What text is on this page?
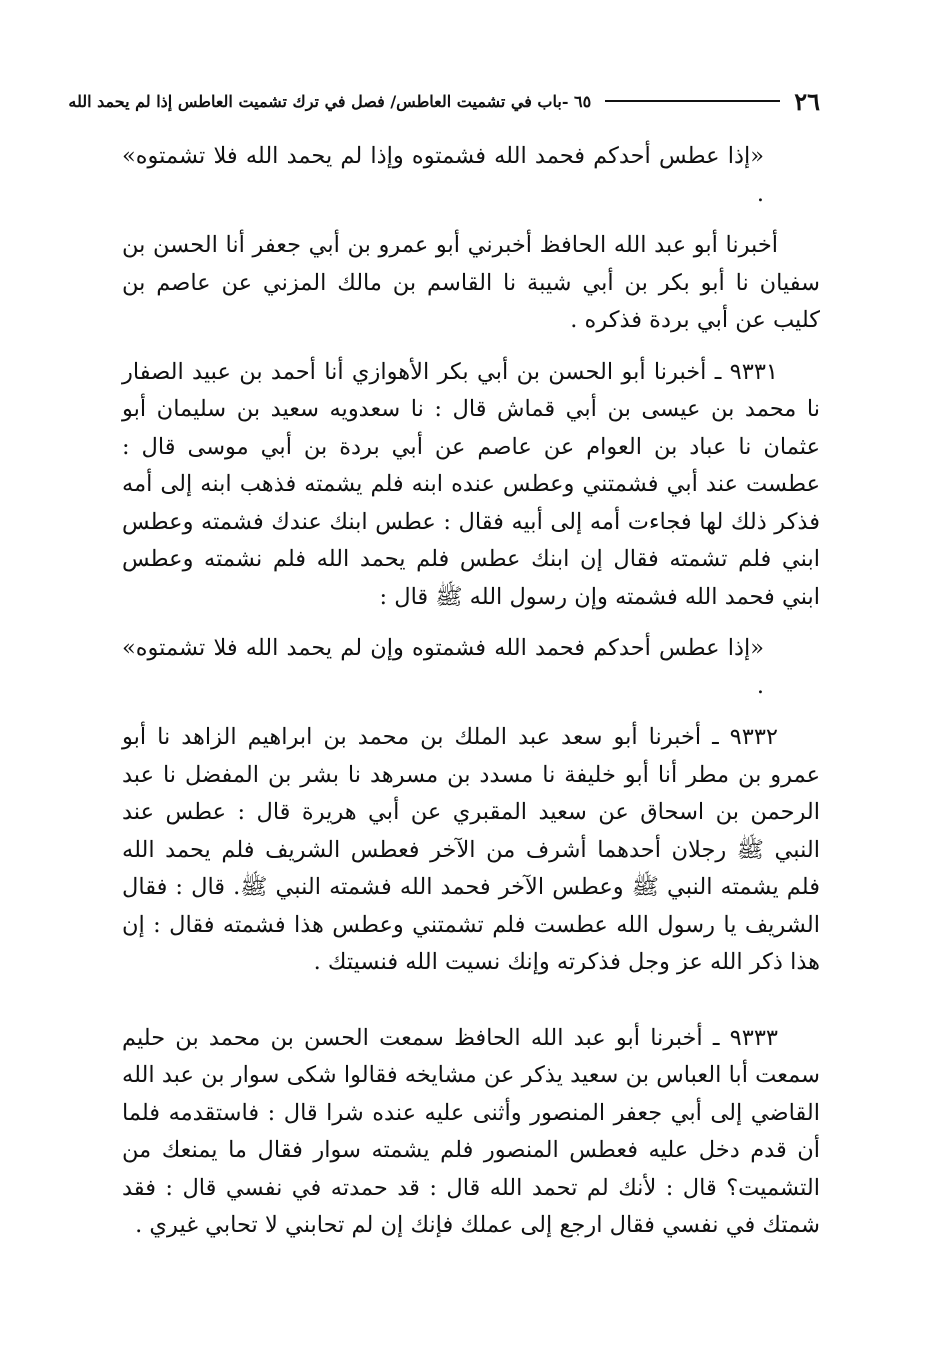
٢٦
٦٥ -باب في تشميت العاطس/ فصل في ترك تشميت العاطس إذا لم يحمد الله

«إذا عطس أحدكم فحمد الله فشمتوه وإذا لم يحمد الله فلا تشمتوه» .

أخبرنا أبو عبد الله الحافظ أخبرني أبو عمرو بن أبي جعفر أنا الحسن بن سفيان نا أبو بكر بن أبي شيبة نا القاسم بن مالك المزني عن عاصم بن كليب عن أبي بردة فذكره .

٩٣٣١ ـ أخبرنا أبو الحسن بن أبي بكر الأهوازي أنا أحمد بن عبيد الصفار نا محمد بن عيسى بن أبي قماش قال : نا سعدويه سعيد بن سليمان أبو عثمان نا عباد بن العوام عن عاصم عن أبي بردة بن أبي موسى قال : عطست عند أبي فشمتني وعطس عنده ابنه فلم يشمته فذهب ابنه إلى أمه فذكر ذلك لها فجاءت أمه إلى أبيه فقال : عطس ابنك عندك فشمته وعطس ابني فلم تشمته فقال إن ابنك عطس فلم يحمد الله فلم نشمته وعطس ابني فحمد الله فشمته وإن رسول الله ﷺ قال :

«إذا عطس أحدكم فحمد الله فشمتوه وإن لم يحمد الله فلا تشمتوه» .

٩٣٣٢ ـ أخبرنا أبو سعد عبد الملك بن محمد بن ابراهيم الزاهد نا أبو عمرو بن مطر أنا أبو خليفة نا مسدد بن مسرهد نا بشر بن المفضل نا عبد الرحمن بن اسحاق عن سعيد المقبري عن أبي هريرة قال : عطس عند النبي ﷺ رجلان أحدهما أشرف من الآخر فعطس الشريف فلم يحمد الله فلم يشمته النبي ﷺ وعطس الآخر فحمد الله فشمته النبي ﷺ. قال : فقال الشريف يا رسول الله عطست فلم تشمتني وعطس هذا فشمته فقال : إن هذا ذكر الله عز وجل فذكرته وإنك نسيت الله فنسيتك .

٩٣٣٣ ـ أخبرنا أبو عبد الله الحافظ سمعت الحسن بن محمد بن حليم سمعت أبا العباس بن سعيد يذكر عن مشايخه فقالوا شكى سوار بن عبد الله القاضي إلى أبي جعفر المنصور وأثنى عليه عنده شرا قال : فاستقدمه فلما أن قدم دخل عليه فعطس المنصور فلم يشمته سوار فقال ما يمنعك من التشميت؟ قال : لأنك لم تحمد الله قال : قد حمدته في نفسي قال : فقد شمتك في نفسي فقال ارجع إلى عملك فإنك إن لم تحابني لا تحابي غيري .
